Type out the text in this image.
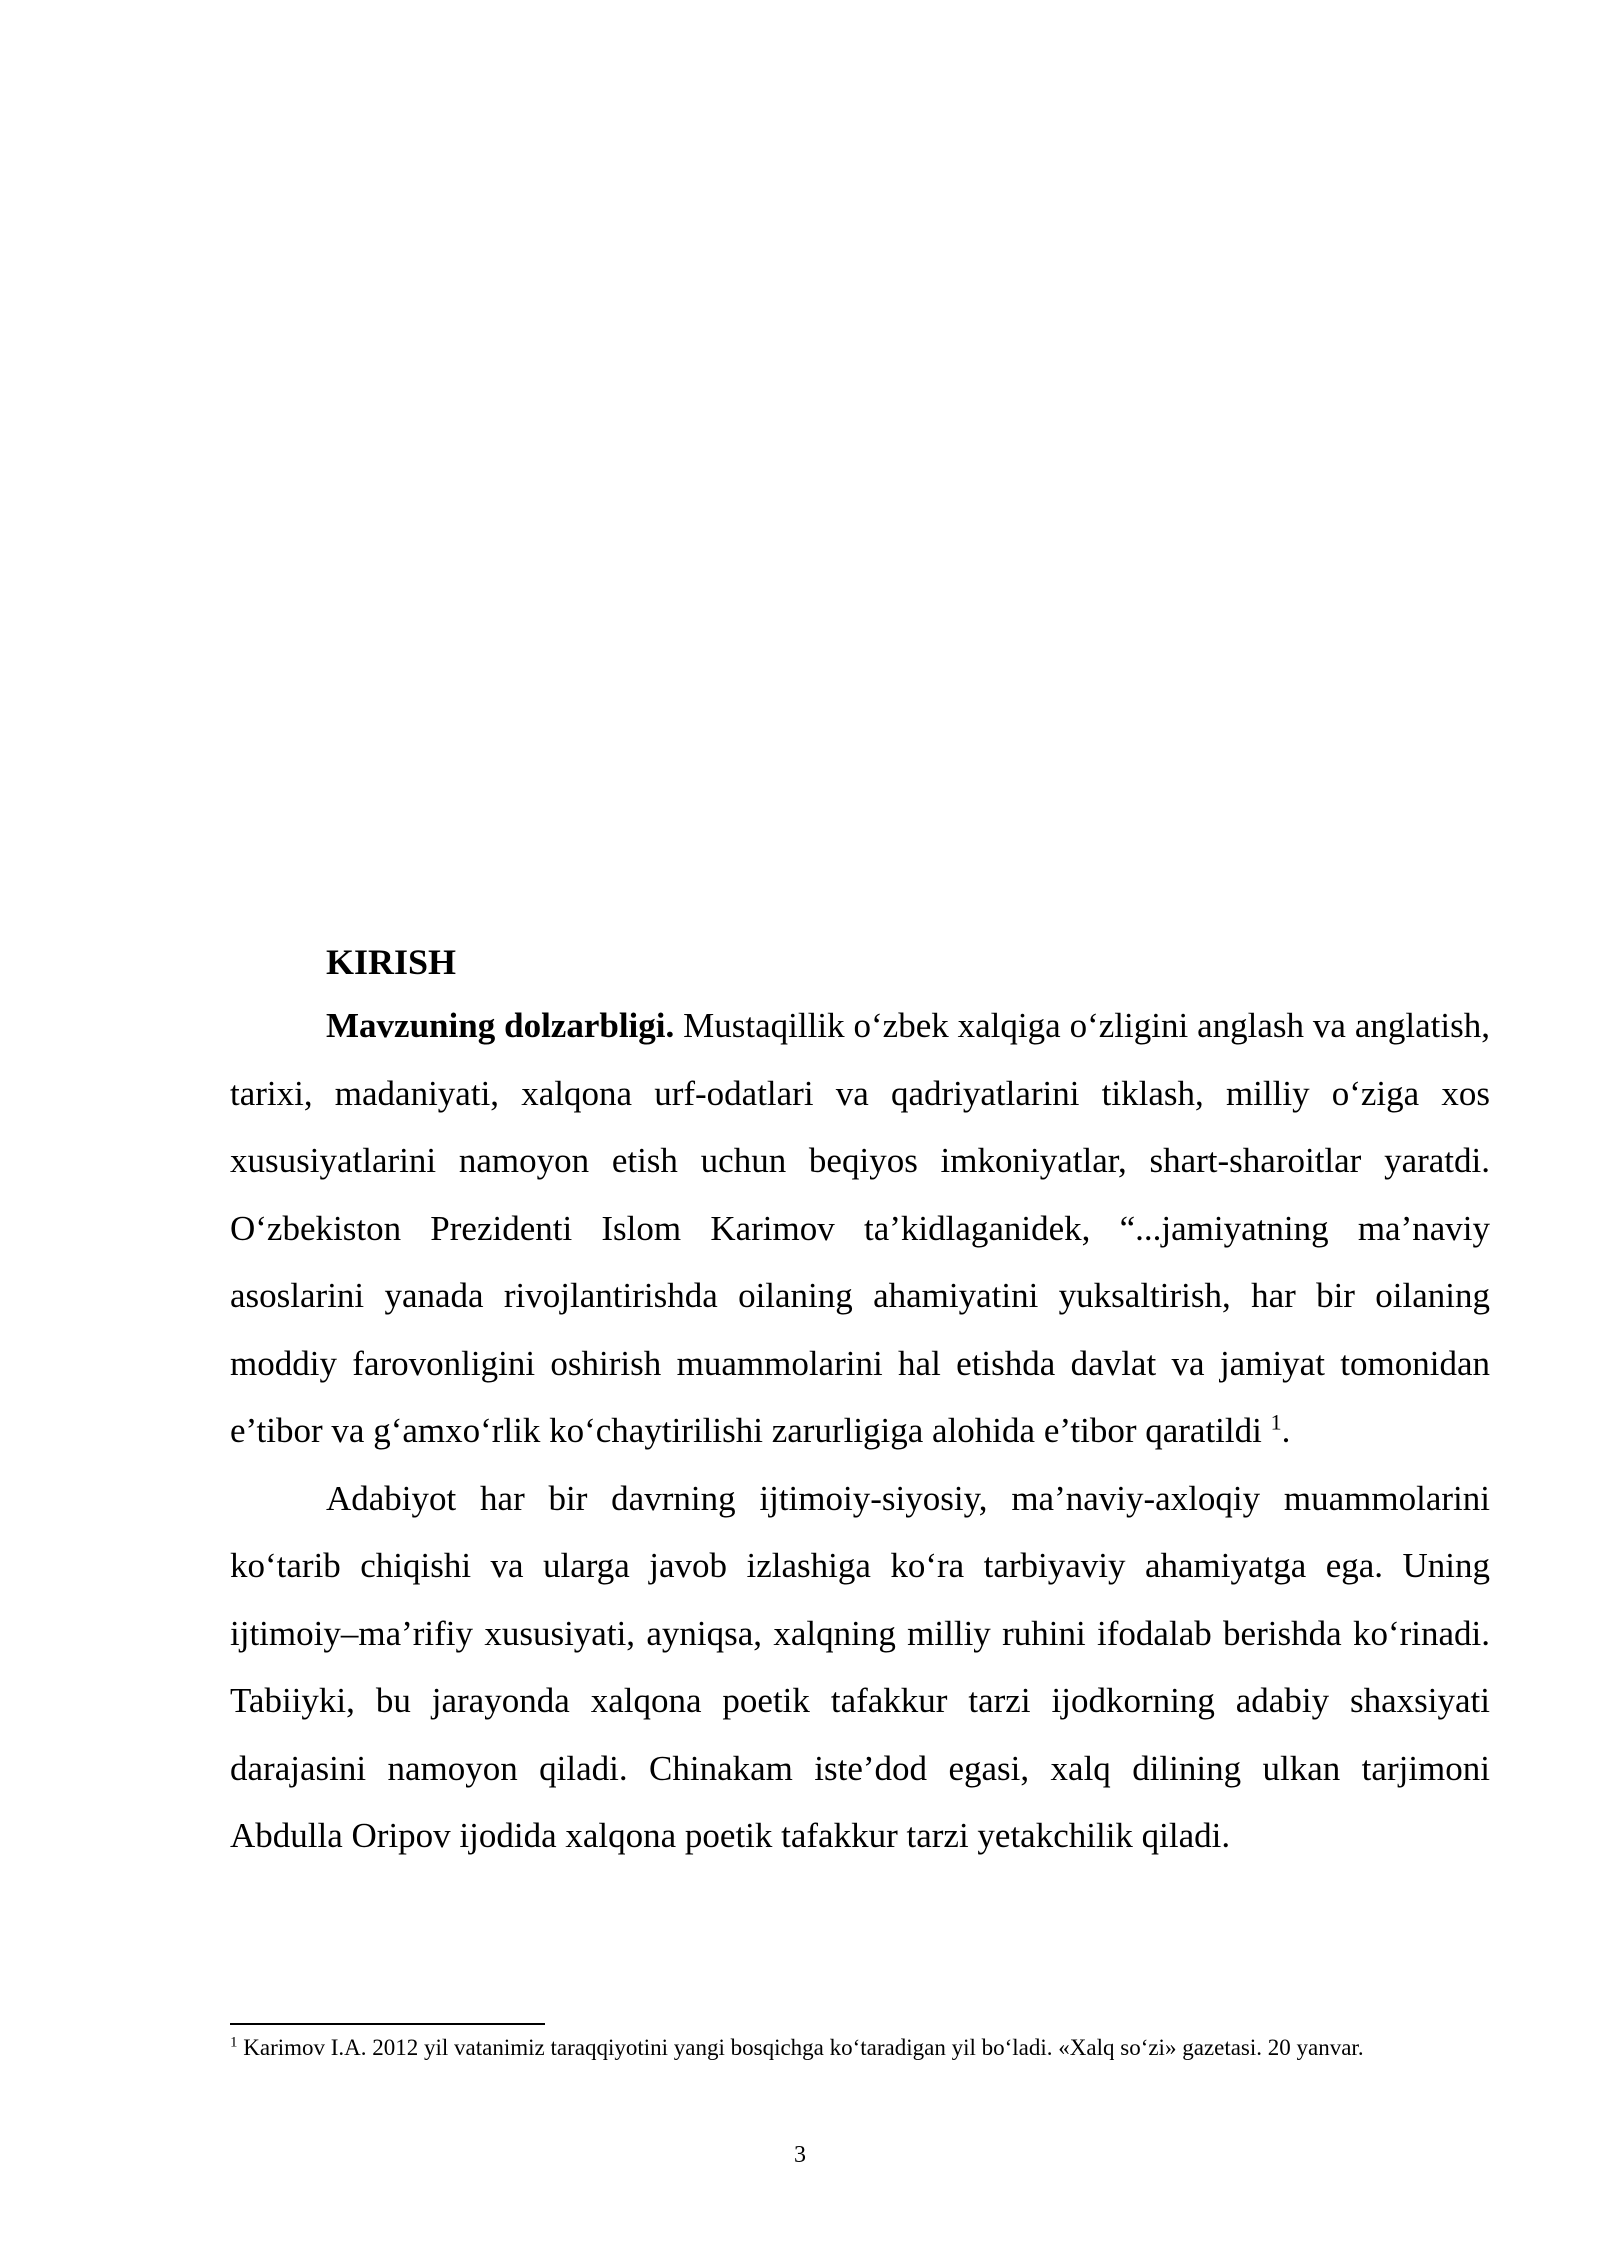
KIRISH

Mavzuning dolzarbligi. Mustaqillik o‘zbek xalqiga o‘zligini anglash va anglatish, tarixi, madaniyati, xalqona urf-odatlari va qadriyatlarini tiklash, milliy o‘ziga xos xususiyatlarini namoyon etish uchun beqiyos imkoniyatlar, shart-sharoitlar yaratdi. O‘zbekiston Prezidenti Islom Karimov ta’kidlaganidek, “...jamiyatning ma’naviy asoslarini yanada rivojlantirishda oilaning ahamiyatini yuksaltirish, har bir oilaning moddiy farovonligini oshirish muammolarini hal etishda davlat va jamiyat tomonidan e’tibor va g‘amxo‘rlik ko‘chaytirilishi zarurligiga alohida e’tibor qaratildi $^1$.

Adabiyot har bir davrning ijtimoiy-siyosiy, ma’naviy-axloqiy muammolarini ko‘tarib chiqishi va ularga javob izlashiga ko‘ra tarbiyaviy ahamiyatga ega. Uning ijtimoiy–ma’rifiy xususiyati, ayniqsa, xalqning milliy ruhini ifodalab berishda ko‘rinadi. Tabiiyki, bu jarayonda xalqona poetik tafakkur tarzi ijodkorning adabiy shaxsiyati darajasini namoyon qiladi. Chinakam iste’dod egasi, xalq dilining ulkan tarjimoni Abdulla Oripov ijodida xalqona poetik tafakkur tarzi yetakchilik qiladi.

$^1$ Karimov I.A. 2012 yil vatanimiz taraqqiyotini yangi bosqichga ko‘taradigan yil bo‘ladi. «Xalq so‘zi» gazetasi. 20 yanvar.

3
